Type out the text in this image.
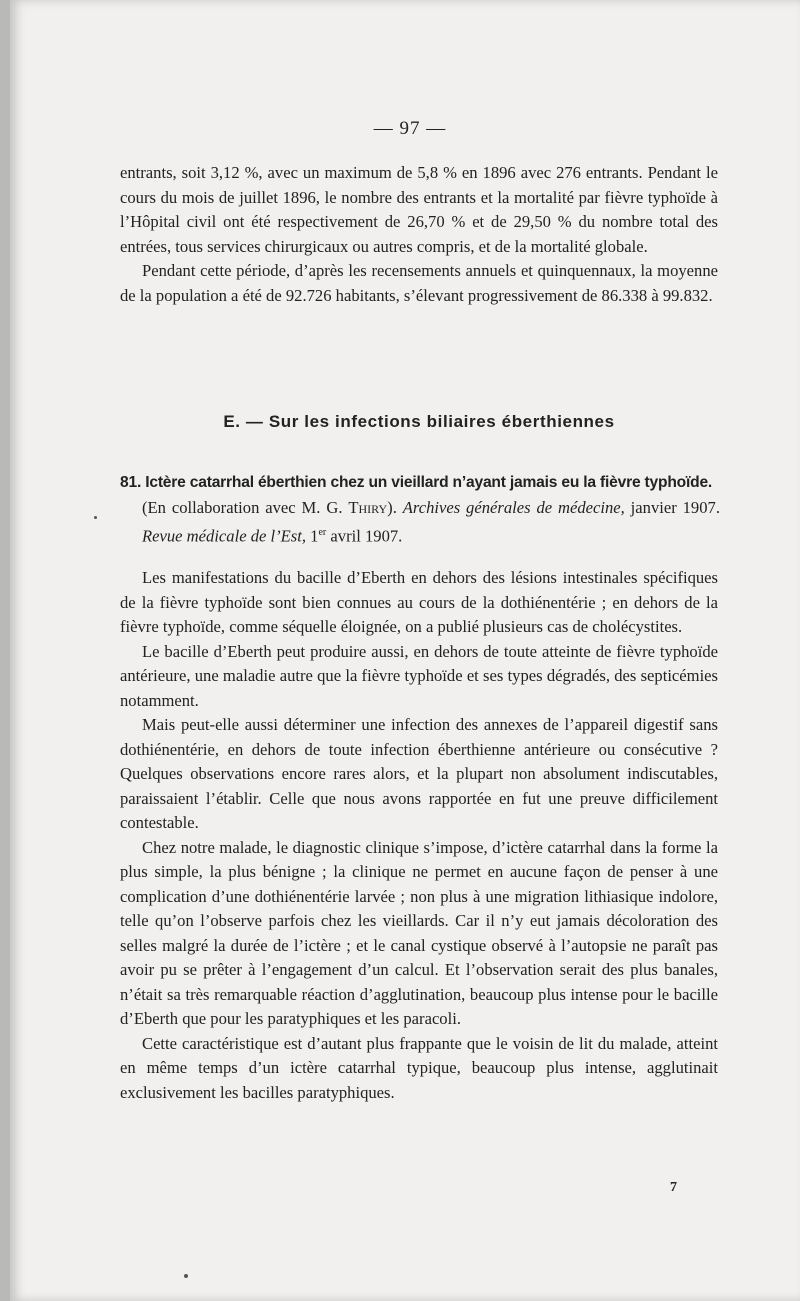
— 97 —

entrants, soit 3,12 %, avec un maximum de 5,8 % en 1896 avec 276 entrants. Pendant le cours du mois de juillet 1896, le nombre des entrants et la mortalité par fièvre typhoïde à l’Hôpital civil ont été respectivement de 26,70 % et de 29,50 % du nombre total des entrées, tous services chirurgicaux ou autres compris, et de la mortalité globale.

Pendant cette période, d’après les recensements annuels et quinquennaux, la moyenne de la population a été de 92.726 habitants, s’élevant progressivement de 86.338 à 99.832.

E. — Sur les infections biliaires éberthiennes
81. Ictère catarrhal éberthien chez un vieillard n’ayant jamais eu la fièvre typhoïde.
(En collaboration avec M. G. Thiry). Archives générales de médecine, janvier 1907. Revue médicale de l’Est, 1er avril 1907.

Les manifestations du bacille d’Eberth en dehors des lésions intestinales spécifiques de la fièvre typhoïde sont bien connues au cours de la dothiénentérie ; en dehors de la fièvre typhoïde, comme séquelle éloignée, on a publié plusieurs cas de cholécystites.

Le bacille d’Eberth peut produire aussi, en dehors de toute atteinte de fièvre typhoïde antérieure, une maladie autre que la fièvre typhoïde et ses types dégradés, des septicémies notamment.

Mais peut-elle aussi déterminer une infection des annexes de l’appareil digestif sans dothiénentérie, en dehors de toute infection éberthienne antérieure ou consécutive ? Quelques observations encore rares alors, et la plupart non absolument indiscutables, paraissaient l’établir. Celle que nous avons rapportée en fut une preuve difficilement contestable.

Chez notre malade, le diagnostic clinique s’impose, d’ictère catarrhal dans la forme la plus simple, la plus bénigne ; la clinique ne permet en aucune façon de penser à une complication d’une dothiénentérie larvée ; non plus à une migration lithiasique indolore, telle qu’on l’observe parfois chez les vieillards. Car il n’y eut jamais décoloration des selles malgré la durée de l’ictère ; et le canal cystique observé à l’autopsie ne paraît pas avoir pu se prêter à l’engagement d’un calcul. Et l’observation serait des plus banales, n’était sa très remarquable réaction d’agglutination, beaucoup plus intense pour le bacille d’Eberth que pour les paratyphiques et les paracoli.

Cette caractéristique est d’autant plus frappante que le voisin de lit du malade, atteint en même temps d’un ictère catarrhal typique, beaucoup plus intense, agglutinait exclusivement les bacilles paratyphiques.

7
